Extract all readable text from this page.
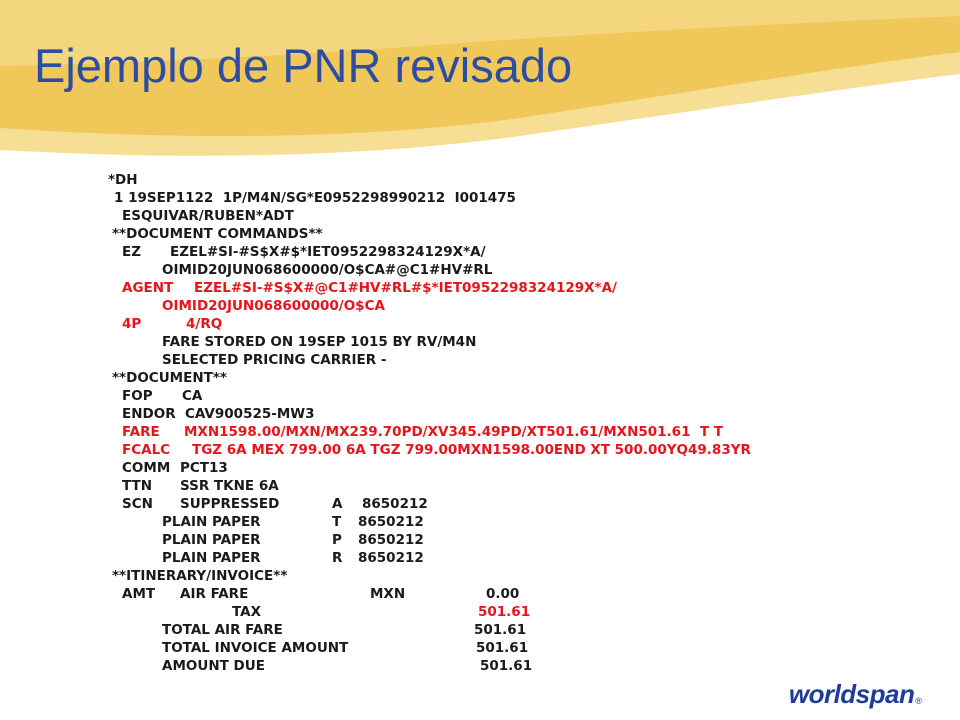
Ejemplo de PNR revisado
*DH
1 19SEP1122  1P/M4N/SG*E0952298990212  I001475
ESQUIVAR/RUBEN*ADT
**DOCUMENT COMMANDS**
EZ EZEL#SI-#S$X#$*IET0952298324129X*A/
OIMID20JUN068600000/O$CA#@C1#HV#RL
AGENT EZEL#SI-#S$X#@C1#HV#RL#$*IET0952298324129X*A/
OIMID20JUN068600000/O$CA
4P	4/RQ
FARE STORED ON 19SEP 1015 BY RV/M4N
SELECTED PRICING CARRIER -
**DOCUMENT**
FOP CA
ENDOR  CAV900525-MW3
FARE MXN1598.00/MXN/MX239.70PD/XV345.49PD/XT501.61/MXN501.61  T T
FCALC TGZ 6A MEX 799.00 6A TGZ 799.00MXN1598.00END XT 500.00YQ49.83YR
COMM PCT13
TTN SSR TKNE 6A
SCN SUPPRESSED	A 8650212
PLAIN PAPER	T 8650212
PLAIN PAPER	P 8650212
PLAIN PAPER	R 8650212
**ITINERARY/INVOICE**
AMT AIR FARE	MXN	0.00
TAX	501.61
TOTAL AIR FARE	501.61
TOTAL INVOICE AMOUNT	501.61
AMOUNT DUE	501.61
worldspan ®
